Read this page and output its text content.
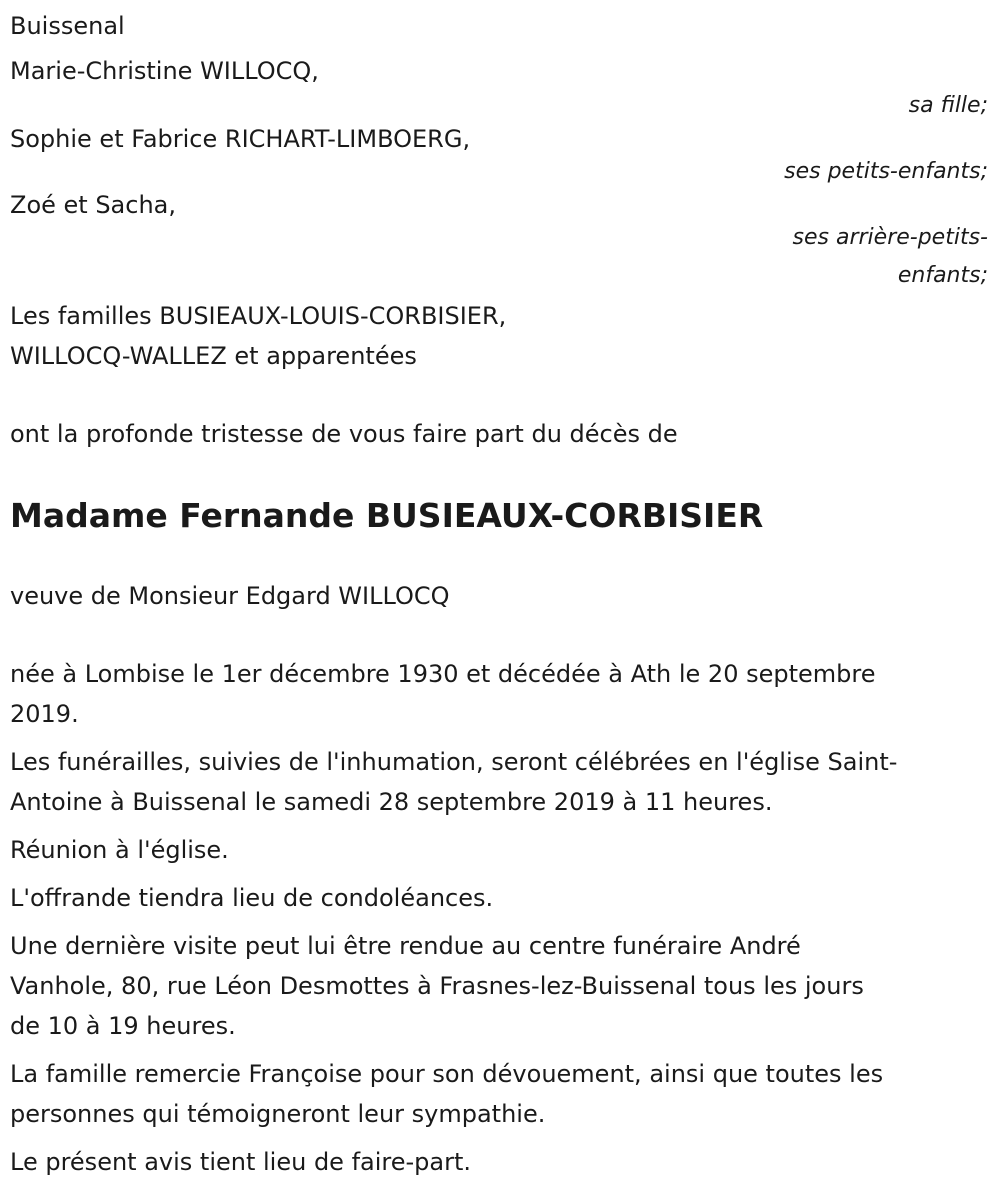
Buissenal

Marie-Christine WILLOCQ,

sa fille;

Sophie et Fabrice RICHART-LIMBOERG,

ses petits-enfants;

Zoé et Sacha,

ses arrière-petits-

enfants;

Les familles BUSIEAUX-LOUIS-CORBISIER,

WILLOCQ-WALLEZ et apparentées

ont la profonde tristesse de vous faire part du décès de

Madame Fernande BUSIEAUX-CORBISIER

veuve de Monsieur Edgard WILLOCQ

née à Lombise le 1er décembre 1930 et décédée à Ath le 20 septembre
2019.
Les funérailles, suivies de l'inhumation, seront célébrées en l'église Saint-
Antoine à Buissenal le samedi 28 septembre 2019 à 11 heures.

Réunion à l'église.

L'offrande tiendra lieu de condoléances.

Une dernière visite peut lui être rendue au centre funéraire André
Vanhole, 80, rue Léon Desmottes à Frasnes-lez-Buissenal tous les jours
de 10 à 19 heures.
La famille remercie Françoise pour son dévouement, ainsi que toutes les
personnes qui témoigneront leur sympathie.

Le présent avis tient lieu de faire-part.
